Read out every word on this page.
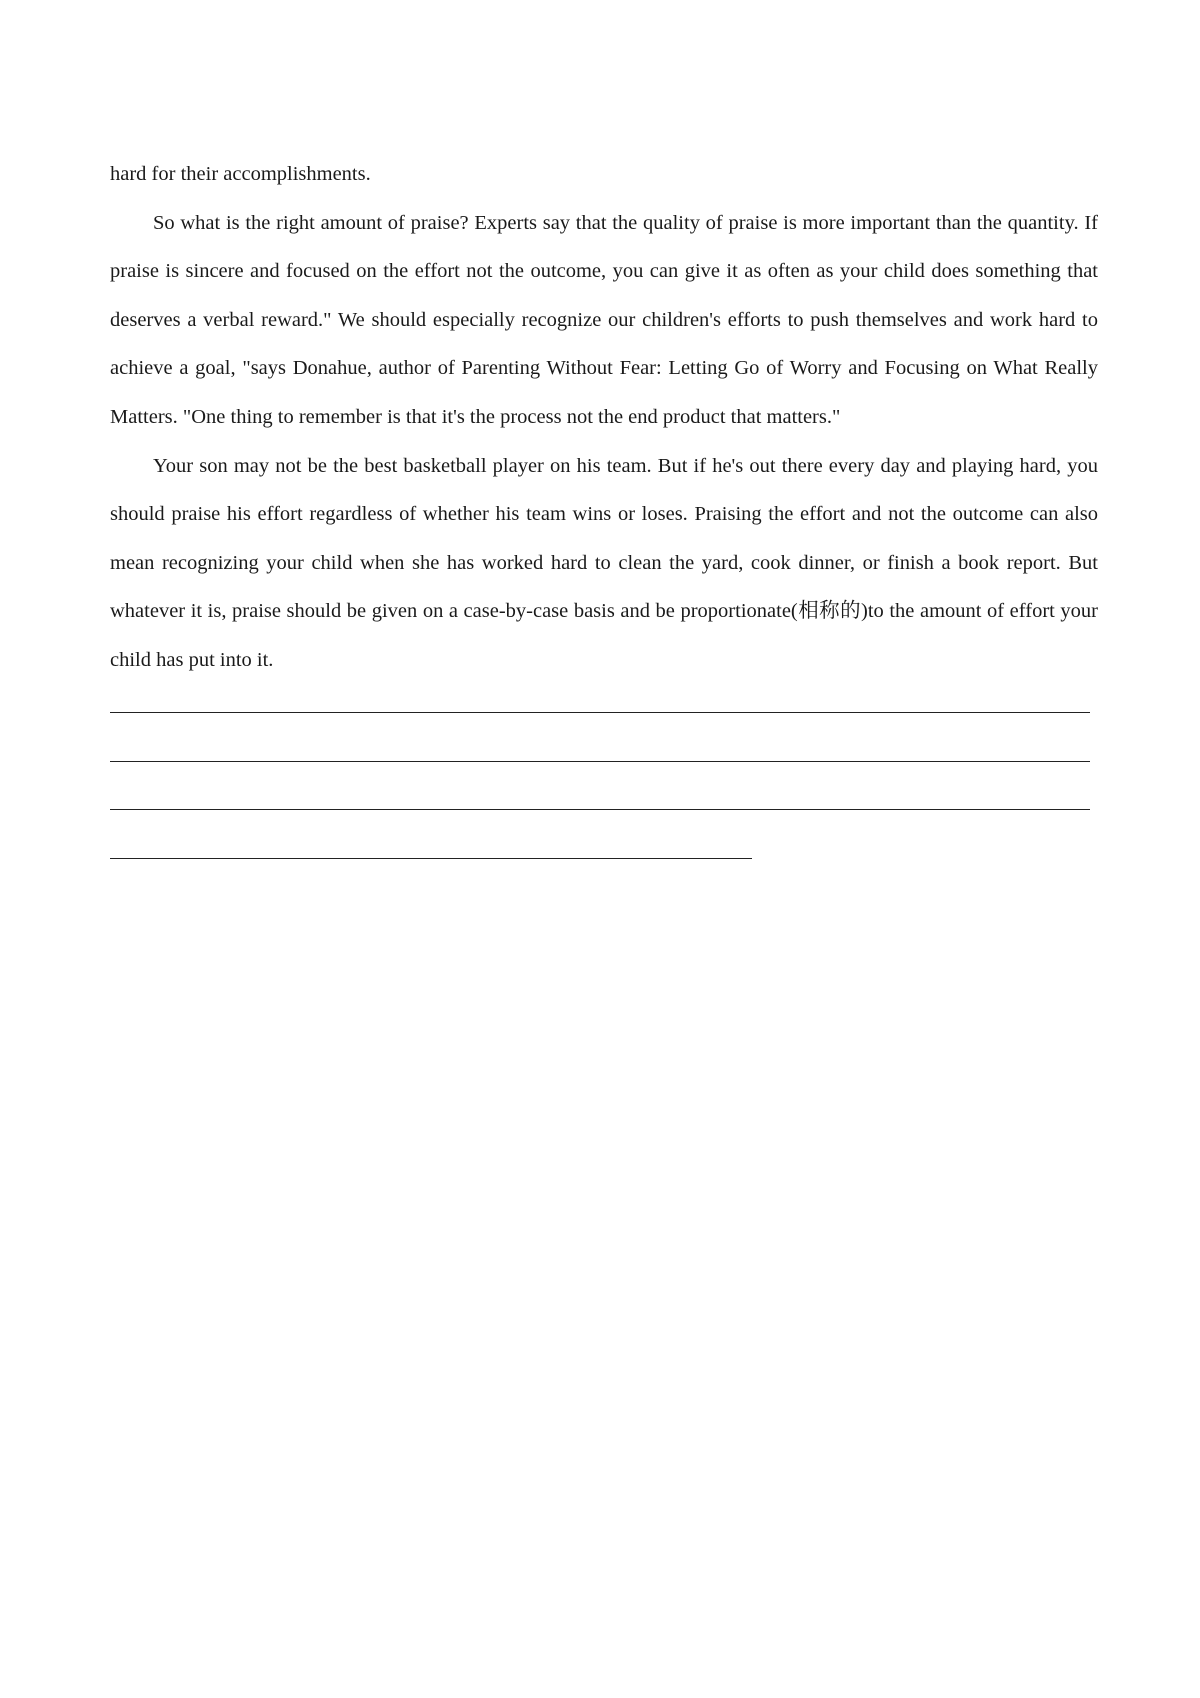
hard for their accomplishments.

So what is the right amount of praise? Experts say that the quality of praise is more important than the quantity. If praise is sincere and focused on the effort not the outcome, you can give it as often as your child does something that deserves a verbal reward." We should especially recognize our children's efforts to push themselves and work hard to achieve a goal, "says Donahue, author of Parenting Without Fear: Letting Go of Worry and Focusing on What Really Matters. "One thing to remember is that it's the process not the end product that matters."

Your son may not be the best basketball player on his team. But if he's out there every day and playing hard, you should praise his effort regardless of whether his team wins or loses. Praising the effort and not the outcome can also mean recognizing your child when she has worked hard to clean the yard, cook dinner, or finish a book report. But whatever it is, praise should be given on a case-by-case basis and be proportionate(相称的)to the amount of effort your child has put into it.
